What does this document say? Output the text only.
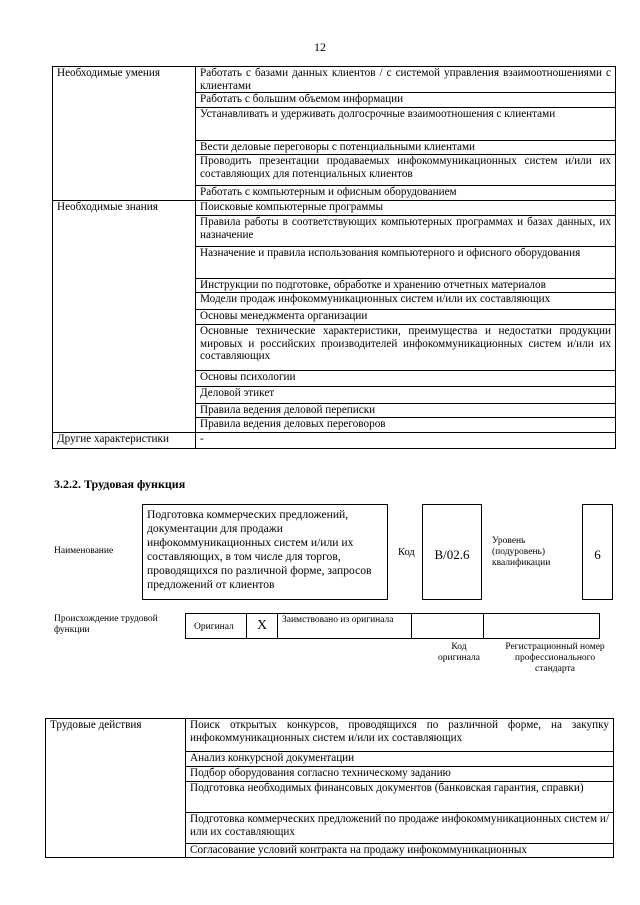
12
Необходимые умения	Работать с базами данных клиентов / с системой управления взаимоотношениями с клиентами
	Работать с большим объемом информации
	Устанавливать и удерживать долгосрочные взаимоотношения с клиентами
	Вести деловые переговоры с потенциальными клиентами
	Проводить презентации продаваемых инфокоммуникационных систем и/или их составляющих для потенциальных клиентов
	Работать с компьютерным и офисным оборудованием
Необходимые знания	Поисковые компьютерные программы
	Правила работы в соответствующих компьютерных программах и базах данных, их назначение
	Назначение и правила использования компьютерного и офисного оборудования
	Инструкции по подготовке, обработке и хранению отчетных материалов
	Модели продаж инфокоммуникационных систем и/или их составляющих
	Основы менеджмента организации
	Основные технические характеристики, преимущества и недостатки продукции мировых и российских производителей инфокоммуникационных систем и/или их составляющих
	Основы психологии
	Деловой этикет
	Правила ведения деловой переписки
	Правила ведения деловых переговоров
Другие характеристики	-
3.2.2. Трудовая функция
Наименование
Подготовка коммерческих предложений, документации для продажи инфокоммуникационных систем и/или их составляющих, в том числе для торгов, проводящихся по различной форме, запросов предложений от клиентов
Код	B/02.6
Уровень (подуровень) квалификации
6
Происхождение трудовой функции	Оригинал	X	Заимствовано из оригинала
Код оригинала
Регистрационный номер профессионального стандарта
Трудовые действия	Поиск открытых конкурсов, проводящихся по различной форме, на закупку инфокоммуникационных систем и/или их составляющих
Анализ конкурсной документации
Подбор оборудования согласно техническому заданию
Подготовка необходимых финансовых документов (банковская гарантия, справки)
Подготовка коммерческих предложений по продаже инфокоммуникационных систем и/или их составляющих
Согласование условий контракта на продажу инфокоммуникационных
